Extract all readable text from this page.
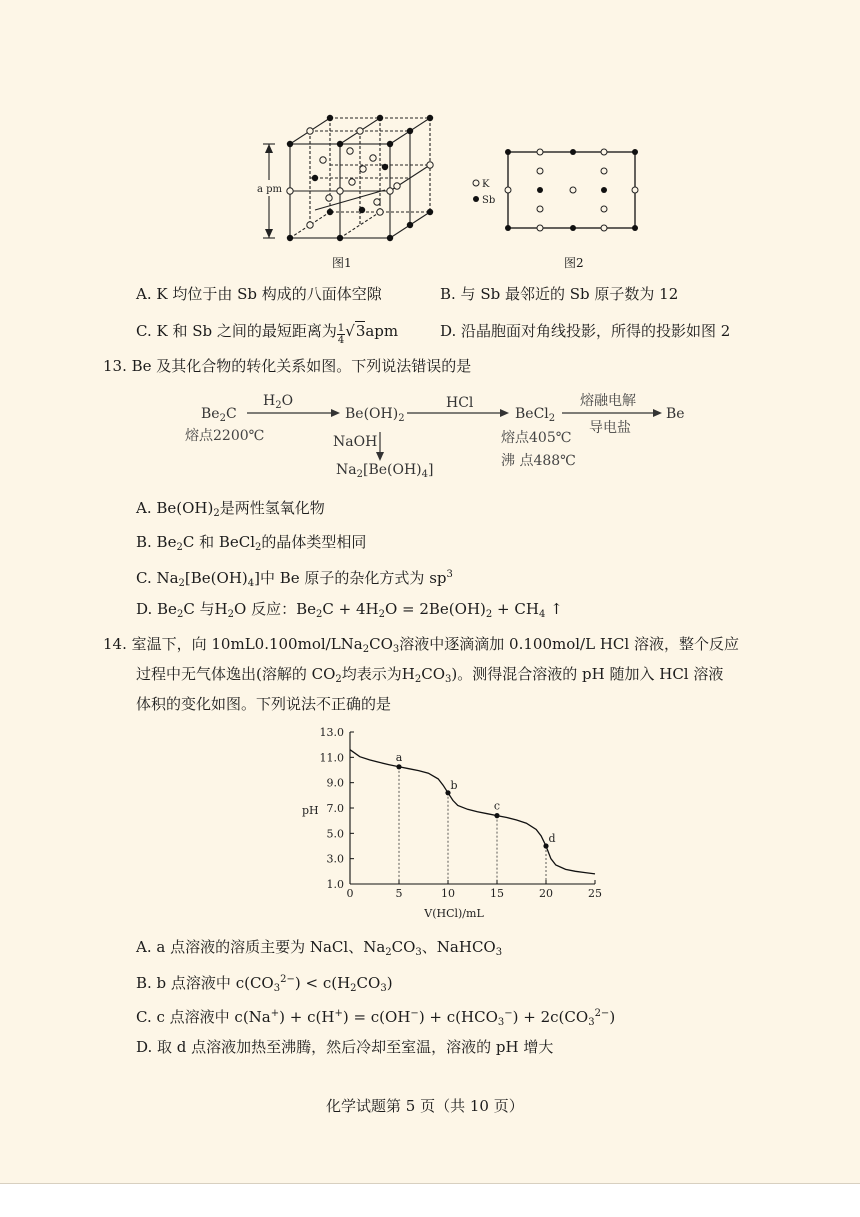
a pm
图1
K
Sb
图2
A. K 均位于由 Sb 构成的八面体空隙	B. 与 Sb 最邻近的 Sb 原子数为 12
C. K 和 Sb 之间的最短距离为 $\frac{1}{4} √3apm$	D. 沿晶胞面对角线投影，所得的投影如图 2
13. Be 及其化合物的转化关系如图。下列说法错误的是
$Be_2C$
熔点2200℃
$H_2O$
$Be(OH)_2$
HCl
BeCl$_2$
熔点405℃
沸 点488℃
熔融电解
导电盐
Be
NaOH
$Na_2[Be(OH)_4]$
A. $Be(OH)_2$是两性氢氧化物
B. $Be_2C$ 和 BeCl$_2$的晶体类型相同
C. $Na_2[Be(OH)_4]$中 Be 原子的杂化方式为 $sp^3$
D. $Be_2C$ 与$H_2O$ 反应：$Be_2C + 4H_2O = 2Be(OH)_2 + CH_4$ ↑
14. 室温下，向 $10mL0.100mol/LNa_2CO_3$溶液中逐滴滴加 0.100mol/L HCl 溶液，整个反应
过程中无气体逸出(溶解的 $CO_2$均表示为$H_2CO_3$)。测得混合溶液的 pH 随加入 HCl 溶液
体积的变化如图。下列说法不正确的是
a
b
c
d
1.0
3.0
5.0
7.0
9.0
11.0
13.0
0	5	10	15	20	25
pH
V(HCl)/mL
A. a 点溶液的溶质主要为 NaCl、$Na_2CO_3$、NaHCO$_3$
B. b 点溶液中 $c(CO_3^{2-}) < c(H_2CO_3)$
C. c 点溶液中 $c(Na^+) + c(H^+) = c(OH^-) + c(HCO_3^-) + 2c(CO_3^{2-})$
D. 取 d 点溶液加热至沸腾，然后冷却至室温，溶液的 pH 增大
化学试题第 5 页（共 10 页）
